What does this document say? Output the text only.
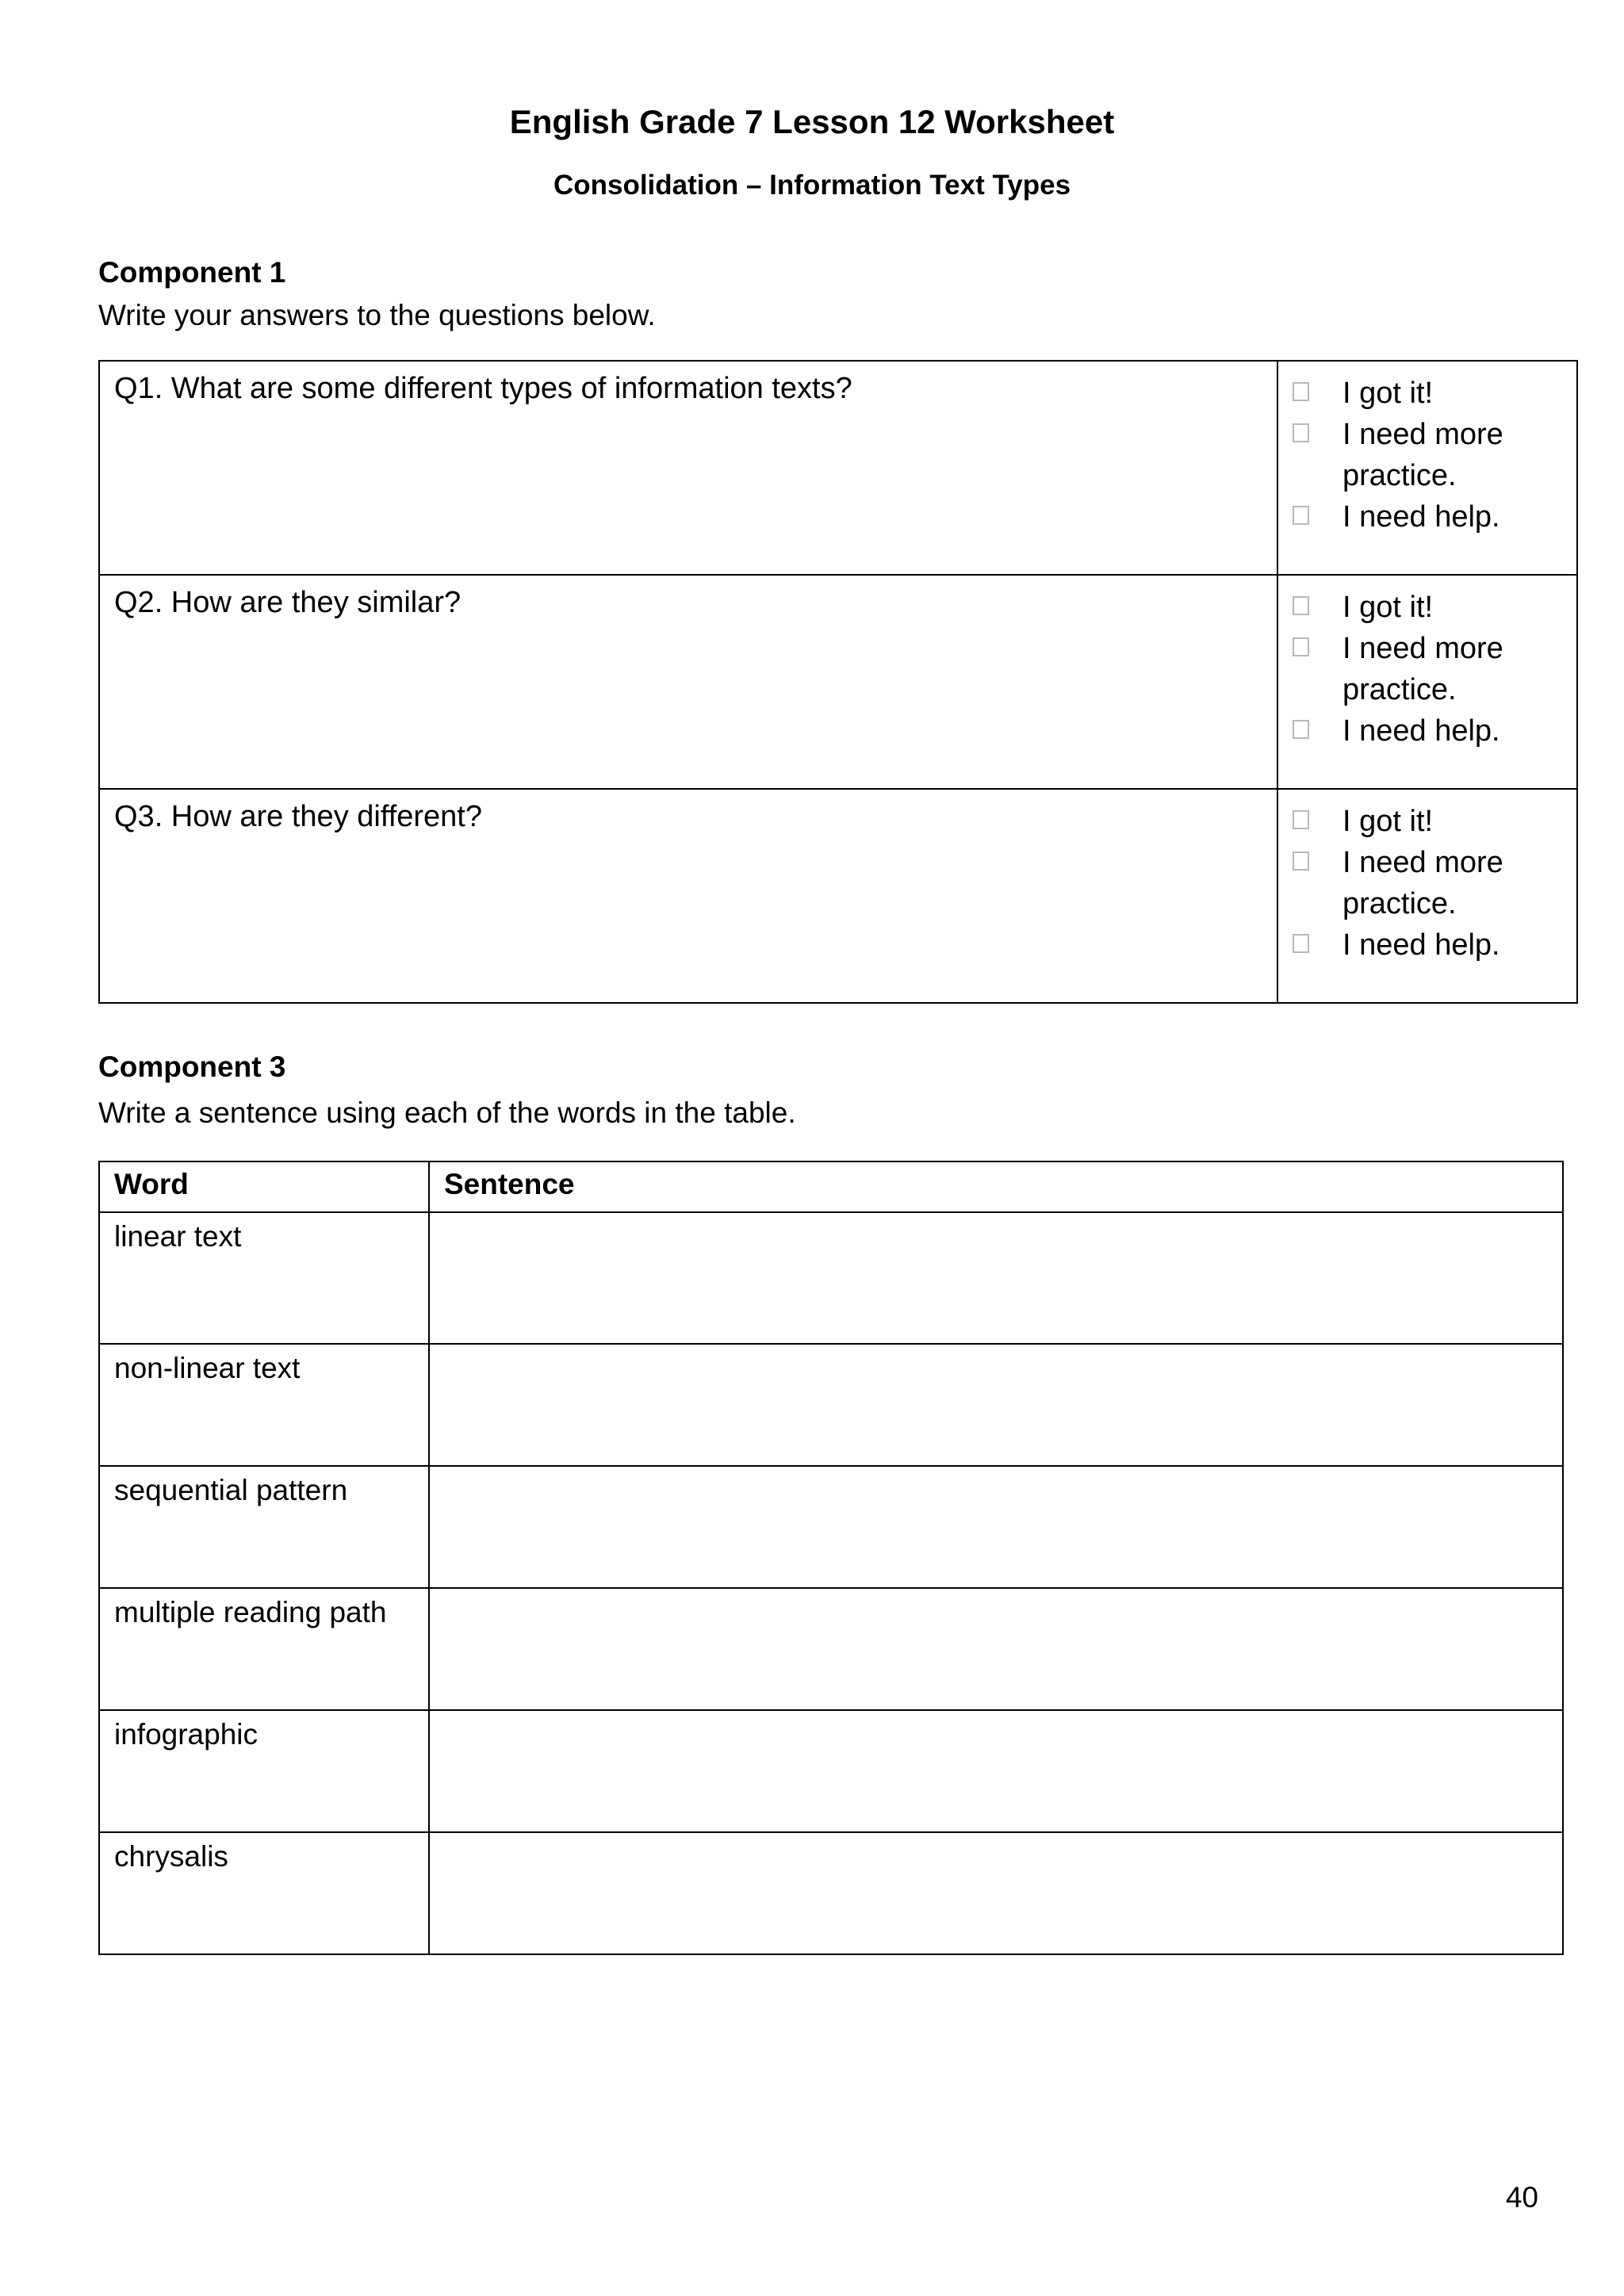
English Grade 7 Lesson 12 Worksheet
Consolidation – Information Text Types
Component 1
Write your answers to the questions below.
Q1. What are some different types of information texts?	I got it!
I need more practice.
I need help.

Q2. How are they similar?	I got it!
I need more practice.
I need help.

Q3. How are they different?	I got it!
I need more practice.
I need help.
Component 3
Write a sentence using each of the words in the table.
Word	Sentence
linear text	
non-linear text	
sequential pattern	
multiple reading path	
infographic	
chrysalis	
40
